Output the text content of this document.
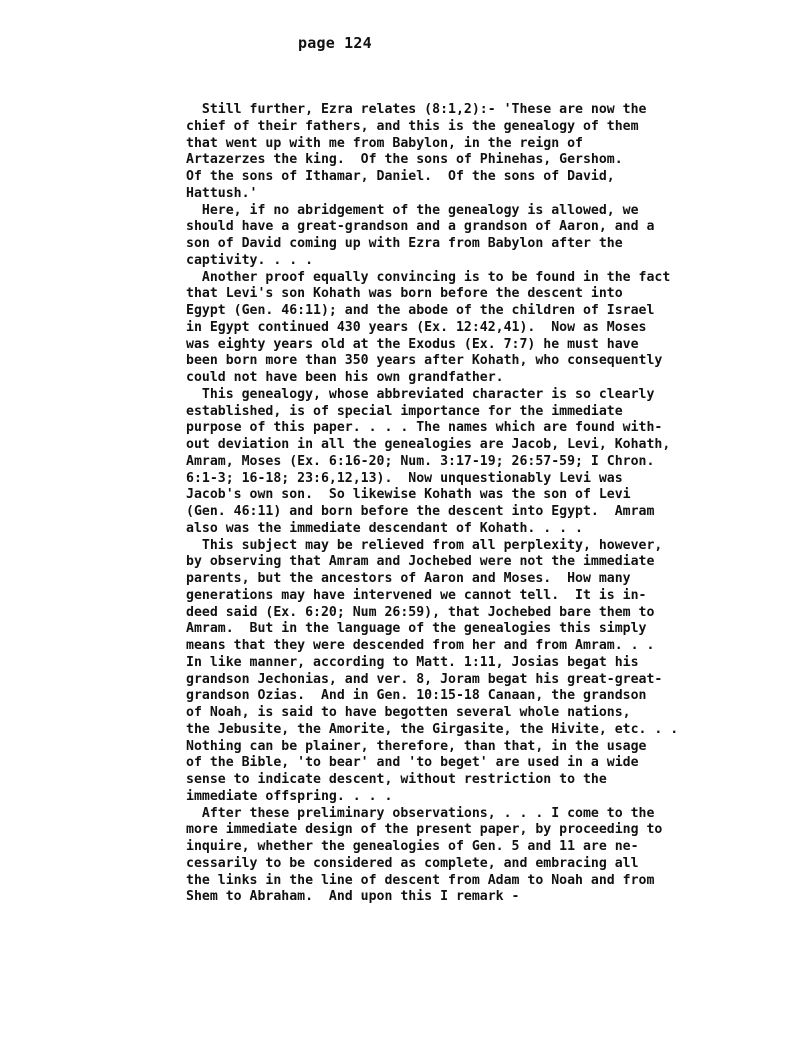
page 124
Still further, Ezra relates (8:1,2):- 'These are now the
chief of their fathers, and this is the genealogy of them
that went up with me from Babylon, in the reign of
Artazerzes the king.  Of the sons of Phinehas, Gershom.
Of the sons of Ithamar, Daniel.  Of the sons of David,
Hattush.'
Here, if no abridgement of the genealogy is allowed, we
should have a great-grandson and a grandson of Aaron, and a
son of David coming up with Ezra from Babylon after the
captivity. . . .
Another proof equally convincing is to be found in the fact
that Levi's son Kohath was born before the descent into
Egypt (Gen. 46:11); and the abode of the children of Israel
in Egypt continued 430 years (Ex. 12:42,41).  Now as Moses
was eighty years old at the Exodus (Ex. 7:7) he must have
been born more than 350 years after Kohath, who consequently
could not have been his own grandfather.
This genealogy, whose abbreviated character is so clearly
established, is of special importance for the immediate
purpose of this paper. . . . The names which are found with-
out deviation in all the genealogies are Jacob, Levi, Kohath,
Amram, Moses (Ex. 6:16-20; Num. 3:17-19; 26:57-59; I Chron.
6:1-3; 16-18; 23:6,12,13).  Now unquestionably Levi was
Jacob's own son.  So likewise Kohath was the son of Levi
(Gen. 46:11) and born before the descent into Egypt.  Amram
also was the immediate descendant of Kohath. . . .
This subject may be relieved from all perplexity, however,
by observing that Amram and Jochebed were not the immediate
parents, but the ancestors of Aaron and Moses.  How many
generations may have intervened we cannot tell.  It is in-
deed said (Ex. 6:20; Num 26:59), that Jochebed bare them to
Amram.  But in the language of the genealogies this simply
means that they were descended from her and from Amram. . .
In like manner, according to Matt. 1:11, Josias begat his
grandson Jechonias, and ver. 8, Joram begat his great-great-
grandson Ozias.  And in Gen. 10:15-18 Canaan, the grandson
of Noah, is said to have begotten several whole nations,
the Jebusite, the Amorite, the Girgasite, the Hivite, etc. . .
Nothing can be plainer, therefore, than that, in the usage
of the Bible, 'to bear' and 'to beget' are used in a wide
sense to indicate descent, without restriction to the
immediate offspring. . . .
After these preliminary observations, . . . I come to the
more immediate design of the present paper, by proceeding to
inquire, whether the genealogies of Gen. 5 and 11 are ne-
cessarily to be considered as complete, and embracing all
the links in the line of descent from Adam to Noah and from
Shem to Abraham.  And upon this I remark -
